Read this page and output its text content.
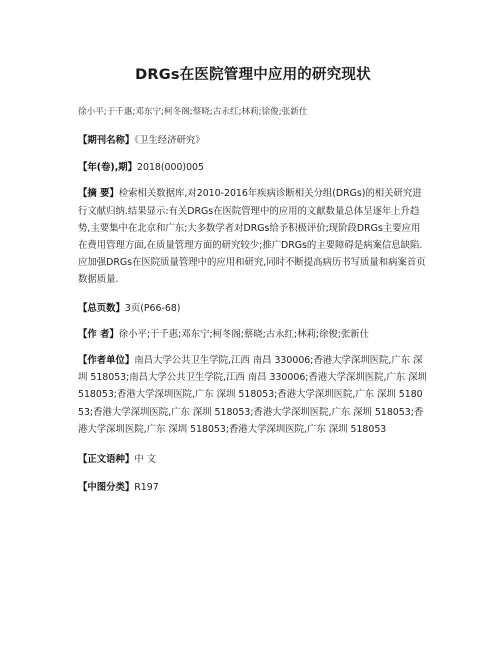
DRGs在医院管理中应用的研究现状
徐小平;于千惠;邓东宁;柯冬阁;蔡晓;古永红;林莉;徐俊;张新仕

【期刊名称】《卫生经济研究》

【年(卷),期】2018(000)005

【摘 要】检索相关数据库,对2010-2016年疾病诊断相关分组(DRGs)的相关研究进行文献归纳.结果显示:有关DRGs在医院管理中的应用的文献数量总体呈逐年上升趋势,主要集中在北京和广东;大多数学者对DRGs给予积极评价;现阶段DRGs主要应用在费用管理方面,在质量管理方面的研究较少;推广DRGs的主要障碍是病案信息缺陷.应加强DRGs在医院质量管理中的应用和研究,同时不断提高病历书写质量和病案首页数据质量.

【总页数】3页(P66-68)

【作 者】徐小平;于千惠;邓东宁;柯冬阁;蔡晓;古永红;林莉;徐俊;张新仕

【作者单位】南昌大学公共卫生学院,江西 南昌 330006;香港大学深圳医院,广东 深圳 518053;南昌大学公共卫生学院,江西 南昌 330006;香港大学深圳医院,广东 深圳 518053;香港大学深圳医院,广东 深圳 518053;香港大学深圳医院,广东 深圳 518053;香港大学深圳医院,广东 深圳 518053;香港大学深圳医院,广东 深圳 518053;香港大学深圳医院,广东 深圳 518053;香港大学深圳医院,广东 深圳 518053

【正文语种】中 文

【中图分类】R197
